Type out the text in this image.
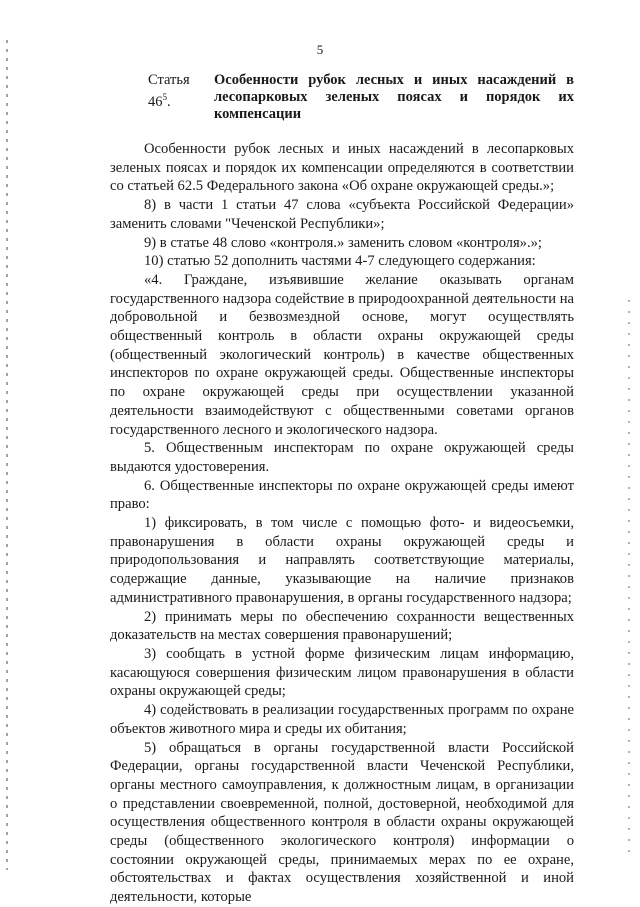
5
Статья $46^5$.
Особенности рубок лесных и иных насаждений в лесопарковых зеленых поясах и порядок их компенсации

Особенности рубок лесных и иных насаждений в лесопарковых зеленых поясах и порядок их компенсации определяются в соответствии со статьей 62.5 Федерального закона «Об охране окружающей среды.»;

8) в части 1 статьи 47 слова «субъекта Российской Федерации» заменить словами "Чеченской Республики»;

9) в статье 48 слово «контроля.» заменить словом «контроля».»;

10) статью 52 дополнить частями 4-7 следующего содержания:

«4. Граждане, изъявившие желание оказывать органам государственного надзора содействие в природоохранной деятельности на добровольной и безвозмездной основе, могут осуществлять общественный контроль в области охраны окружающей среды (общественный экологический контроль) в качестве общественных инспекторов по охране окружающей среды. Общественные инспекторы по охране окружающей среды при осуществлении указанной деятельности взаимодействуют с общественными советами органов государственного лесного и экологического надзора.

5. Общественным инспекторам по охране окружающей среды выдаются удостоверения.

6. Общественные инспекторы по охране окружающей среды имеют право:

1) фиксировать, в том числе с помощью фото- и видеосъемки, правонарушения в области охраны окружающей среды и природопользования и направлять соответствующие материалы, содержащие данные, указывающие на наличие признаков административного правонарушения, в органы государственного надзора;

2) принимать меры по обеспечению сохранности вещественных доказательств на местах совершения правонарушений;

3) сообщать в устной форме физическим лицам информацию, касающуюся совершения физическим лицом правонарушения в области охраны окружающей среды;

4) содействовать в реализации государственных программ по охране объектов животного мира и среды их обитания;

5) обращаться в органы государственной власти Российской Федерации, органы государственной власти Чеченской Республики, органы местного самоуправления, к должностным лицам, в организации о представлении своевременной, полной, достоверной, необходимой для осуществления общественного контроля в области охраны окружающей среды (общественного экологического контроля) информации о состоянии окружающей среды, принимаемых мерах по ее охране, обстоятельствах и фактах осуществления хозяйственной и иной деятельности, которые
